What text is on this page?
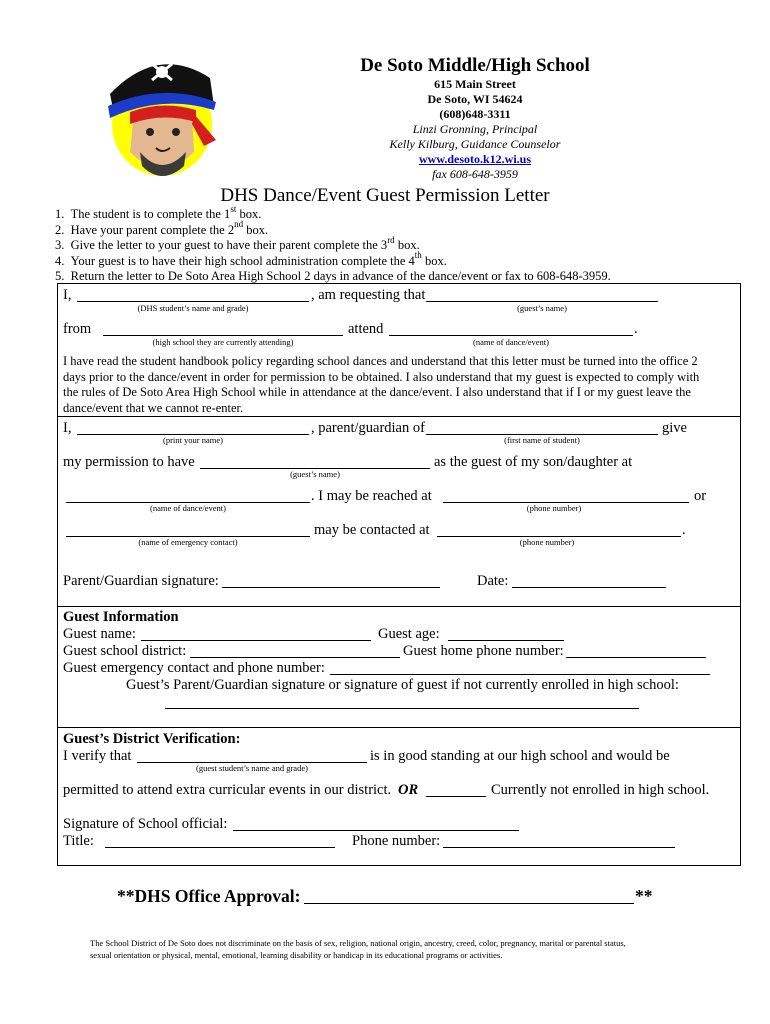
De Soto Middle/High School
615 Main Street
De Soto, WI 54624
(608)648-3311
Linzi Gronning, Principal
Kelly Kilburg, Guidance Counselor
www.desoto.k12.wi.us
fax 608-648-3959
DHS Dance/Event Guest Permission Letter
1. The student is to complete the 1st box.
2. Have your parent complete the 2nd box.
3. Give the letter to your guest to have their parent complete the 3rd box.
4. Your guest is to have their high school administration complete the 4th box.
5. Return the letter to De Soto Area High School 2 days in advance of the dance/event or fax to 608-648-3959.
I,	, am requesting that
(DHS student’s name and grade)	(guest’s name)
from	attend	.
(high school they are currently attending)	(name of dance/event)
I have read the student handbook policy regarding school dances and understand that this letter must be turned into the office 2
days prior to the dance/event in order for permission to be obtained. I also understand that my guest is expected to comply with
the rules of De Soto Area High School while in attendance at the dance/event. I also understand that if I or my guest leave the
dance/event that we cannot re-enter.
I,	, parent/guardian of	give
(print your name)	(first name of student)
my permission to have	as the guest of my son/daughter at
(guest’s name)
. I may be reached at	or
(name of dance/event)	(phone number)
may be contacted at	.
(name of emergency contact)	(phone number)
Parent/Guardian signature:	Date:
Guest Information
Guest name:	Guest age:
Guest school district:	Guest home phone number:
Guest emergency contact and phone number:
Guest’s Parent/Guardian signature or signature of guest if not currently enrolled in high school:
Guest’s District Verification:
I verify that	is in good standing at our high school and would be
(guest student’s name and grade)
permitted to attend extra curricular events in our district. OR	Currently not enrolled in high school.
Signature of School official:
Title:	Phone number:
**DHS Office Approval:	**
The School District of De Soto does not discriminate on the basis of sex, religion, national origin, ancestry, creed, color, pregnancy, marital or parental status,
sexual orientation or physical, mental, emotional, learning disability or handicap in its educational programs or activities.
